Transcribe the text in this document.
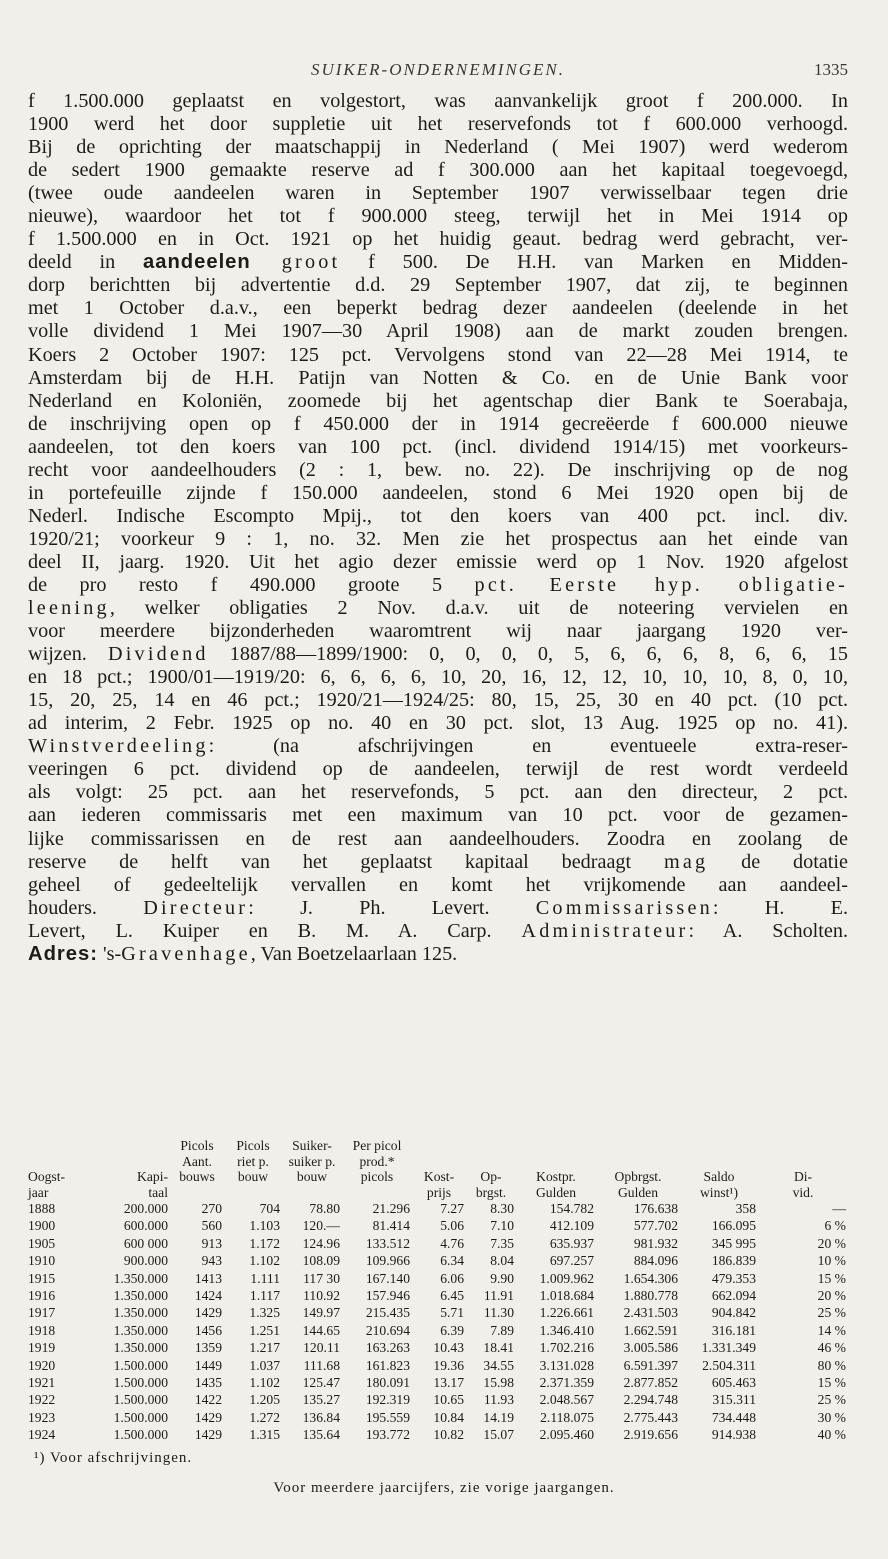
SUIKER-ONDERNEMINGEN.	1335
f 1.500.000 geplaatst en volgestort, was aanvankelijk groot f 200.000. In
1900 werd het door suppletie uit het reservefonds tot f 600.000 verhoogd.
Bij de oprichting der maatschappij in Nederland ( Mei 1907) werd wederom
de sedert 1900 gemaakte reserve ad f 300.000 aan het kapitaal toegevoegd,
(twee oude aandeelen waren in September 1907 verwisselbaar tegen drie
nieuwe), waardoor het tot f 900.000 steeg, terwijl het in Mei 1914 op
f 1.500.000 en in Oct. 1921 op het huidig geaut. bedrag werd gebracht, ver-
deeld in aandeelen groot f 500. De H.H. van Marken en Midden-
dorp berichtten bij advertentie d.d. 29 September 1907, dat zij, te beginnen
met 1 October d.a.v., een beperkt bedrag dezer aandeelen (deelende in het
volle dividend 1 Mei 1907—30 April 1908) aan de markt zouden brengen.
Koers 2 October 1907: 125 pct. Vervolgens stond van 22—28 Mei 1914, te
Amsterdam bij de H.H. Patijn van Notten & Co. en de Unie Bank voor
Nederland en Koloniën, zoomede bij het agentschap dier Bank te Soerabaja,
de inschrijving open op f 450.000 der in 1914 gecreëerde f 600.000 nieuwe
aandeelen, tot den koers van 100 pct. (incl. dividend 1914/15) met voorkeurs-
recht voor aandeelhouders (2 : 1, bew. no. 22). De inschrijving op de nog
in portefeuille zijnde f 150.000 aandeelen, stond 6 Mei 1920 open bij de
Nederl. Indische Escompto Mpij., tot den koers van 400 pct. incl. div.
1920/21; voorkeur 9 : 1, no. 32. Men zie het prospectus aan het einde van
deel II, jaarg. 1920. Uit het agio dezer emissie werd op 1 Nov. 1920 afgelost
de pro resto f 490.000 groote 5 pct. Eerste hyp. obligatie-
leening, welker obligaties 2 Nov. d.a.v. uit de noteering vervielen en
voor meerdere bijzonderheden waaromtrent wij naar jaargang 1920 ver-
wijzen. Dividend 1887/88—1899/1900: 0, 0, 0, 0, 5, 6, 6, 6, 8, 6, 6, 15
en 18 pct.; 1900/01—1919/20: 6, 6, 6, 6, 10, 20, 16, 12, 12, 10, 10, 10, 8, 0, 10,
15, 20, 25, 14 en 46 pct.; 1920/21—1924/25: 80, 15, 25, 30 en 40 pct. (10 pct.
ad interim, 2 Febr. 1925 op no. 40 en 30 pct. slot, 13 Aug. 1925 op no. 41).
Winstverdeeling: (na afschrijvingen en eventueele extra-reser-
veeringen 6 pct. dividend op de aandeelen, terwijl de rest wordt verdeeld
als volgt: 25 pct. aan het reservefonds, 5 pct. aan den directeur, 2 pct.
aan iederen commissaris met een maximum van 10 pct. voor de gezamen-
lijke commissarissen en de rest aan aandeelhouders. Zoodra en zoolang de
reserve de helft van het geplaatst kapitaal bedraagt mag de dotatie
geheel of gedeeltelijk vervallen en komt het vrijkomende aan aandeel-
houders. Directeur: J. Ph. Levert. Commissarissen: H. E.
Levert, L. Kuiper en B. M. A. Carp. Administrateur: A. Scholten.
Adres: 's-Gravenhage, Van Boetzelaarlaan 125.
		Picols	Picols	Suiker-	Per picol						
		Aant.	riet p.	suiker p.	prod.*						
Oogst-	Kapi-	bouws	bouw	bouw	picols	Kost-	Op-	Kostpr.	Opbrgst.	Saldo	Di-
jaar	taal					prijs	brgst.	Gulden	Gulden	winst¹)	vid.
1888	200.000	270	704	78.80	21.296	7.27	8.30	154.782	176.638	358	—
1900	600.000	560	1.103	120.—	81.414	5.06	7.10	412.109	577.702	166.095	6 %
1905	600 000	913	1.172	124.96	133.512	4.76	7.35	635.937	981.932	345 995	20 %
1910	900.000	943	1.102	108.09	109.966	6.34	8.04	697.257	884.096	186.839	10 %
1915	1.350.000	1413	1.111	117 30	167.140	6.06	9.90	1.009.962	1.654.306	479.353	15 %
1916	1.350.000	1424	1.117	110.92	157.946	6.45	11.91	1.018.684	1.880.778	662.094	20 %
1917	1.350.000	1429	1.325	149.97	215.435	5.71	11.30	1.226.661	2.431.503	904.842	25 %
1918	1.350.000	1456	1.251	144.65	210.694	6.39	7.89	1.346.410	1.662.591	316.181	14 %
1919	1.350.000	1359	1.217	120.11	163.263	10.43	18.41	1.702.216	3.005.586	1.331.349	46 %
1920	1.500.000	1449	1.037	111.68	161.823	19.36	34.55	3.131.028	6.591.397	2.504.311	80 %
1921	1.500.000	1435	1.102	125.47	180.091	13.17	15.98	2.371.359	2.877.852	605.463	15 %
1922	1.500.000	1422	1.205	135.27	192.319	10.65	11.93	2.048.567	2.294.748	315.311	25 %
1923	1.500.000	1429	1.272	136.84	195.559	10.84	14.19	2.118.075	2.775.443	734.448	30 %
1924	1.500.000	1429	1.315	135.64	193.772	10.82	15.07	2.095.460	2.919.656	914.938	40 %
¹) Voor afschrijvingen.
Voor meerdere jaarcijfers, zie vorige jaargangen.
